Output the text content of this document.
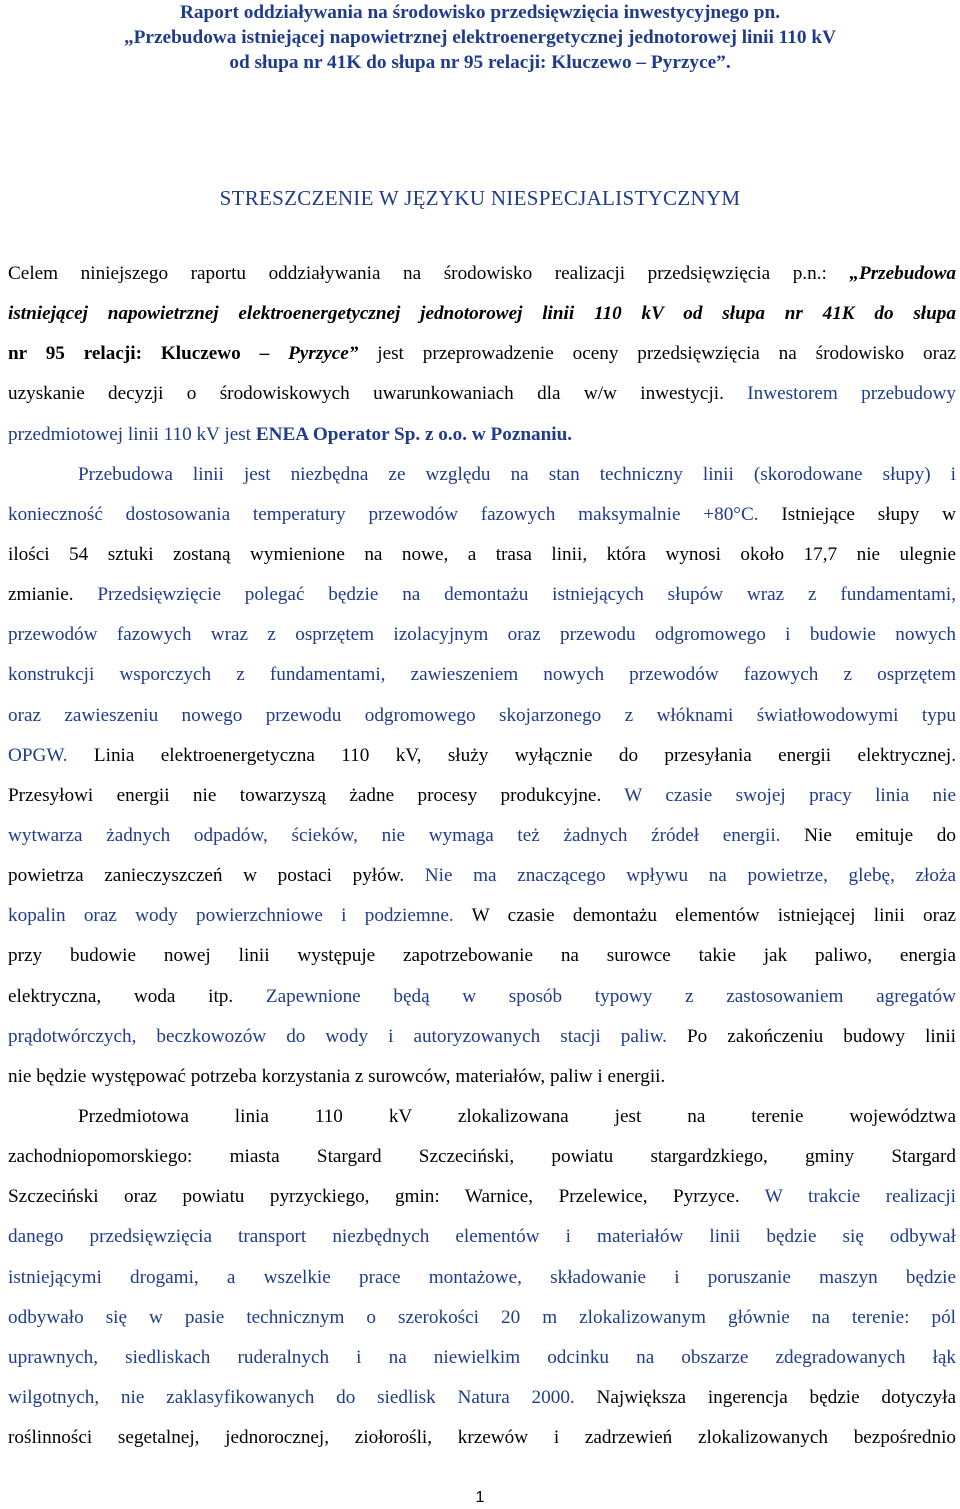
Raport oddziaływania na środowisko przedsięwzięcia inwestycyjnego pn.
„Przebudowa istniejącej napowietrznej elektroenergetycznej jednotorowej linii 110 kV
od słupa nr 41K do słupa nr 95 relacji: Kluczewo – Pyrzyce”.
STRESZCZENIE W JĘZYKU NIESPECJALISTYCZNYM
Celem niniejszego raportu oddziaływania na środowisko realizacji przedsięwzięcia p.n.: „Przebudowa
istniejącej napowietrznej elektroenergetycznej jednotorowej linii 110 kV od słupa nr 41K do słupa
nr 95 relacji: Kluczewo – Pyrzyce” jest przeprowadzenie oceny przedsięwzięcia na środowisko oraz
uzyskanie decyzji o środowiskowych uwarunkowaniach dla w/w inwestycji. Inwestorem przebudowy
przedmiotowej linii 110 kV jest ENEA Operator Sp. z o.o. w Poznaniu.
Przebudowa linii jest niezbędna ze względu na stan techniczny linii (skorodowane słupy) i
konieczność dostosowania temperatury przewodów fazowych maksymalnie +80°C. Istniejące słupy w
ilości 54 sztuki zostaną wymienione na nowe, a trasa linii, która wynosi około 17,7 nie ulegnie
zmianie. Przedsięwzięcie polegać będzie na demontażu istniejących słupów wraz z fundamentami,
przewodów fazowych wraz z osprzętem izolacyjnym oraz przewodu odgromowego i budowie nowych
konstrukcji wsporczych z fundamentami, zawieszeniem nowych przewodów fazowych z osprzętem
oraz zawieszeniu nowego przewodu odgromowego skojarzonego z włóknami światłowodowymi typu
OPGW. Linia elektroenergetyczna 110 kV, służy wyłącznie do przesyłania energii elektrycznej.
Przesyłowi energii nie towarzyszą żadne procesy produkcyjne. W czasie swojej pracy linia nie
wytwarza żadnych odpadów, ścieków, nie wymaga też żadnych źródeł energii. Nie emituje do
powietrza zanieczyszczeń w postaci pyłów. Nie ma znaczącego wpływu na powietrze, glebę, złoża
kopalin oraz wody powierzchniowe i podziemne. W czasie demontażu elementów istniejącej linii oraz
przy budowie nowej linii występuje zapotrzebowanie na surowce takie jak paliwo, energia
elektryczna, woda itp. Zapewnione będą w sposób typowy z zastosowaniem agregatów
prądotwórczych, beczkowozów do wody i autoryzowanych stacji paliw. Po zakończeniu budowy linii
nie będzie występować potrzeba korzystania z surowców, materiałów, paliw i energii.
Przedmiotowa linia 110 kV zlokalizowana jest na terenie województwa
zachodniopomorskiego: miasta Stargard Szczeciński, powiatu stargardzkiego, gminy Stargard
Szczeciński oraz powiatu pyrzyckiego, gmin: Warnice, Przelewice, Pyrzyce. W trakcie realizacji
danego przedsięwzięcia transport niezbędnych elementów i materiałów linii będzie się odbywał
istniejącymi drogami, a wszelkie prace montażowe, składowanie i poruszanie maszyn będzie
odbywało się w pasie technicznym o szerokości 20 m zlokalizowanym głównie na terenie: pól
uprawnych, siedliskach ruderalnych i na niewielkim odcinku na obszarze zdegradowanych łąk
wilgotnych, nie zaklasyfikowanych do siedlisk Natura 2000. Największa ingerencja będzie dotyczyła
roślinności segetalnej, jednorocznej, ziołorośli, krzewów i zadrzewień zlokalizowanych bezpośrednio
1
